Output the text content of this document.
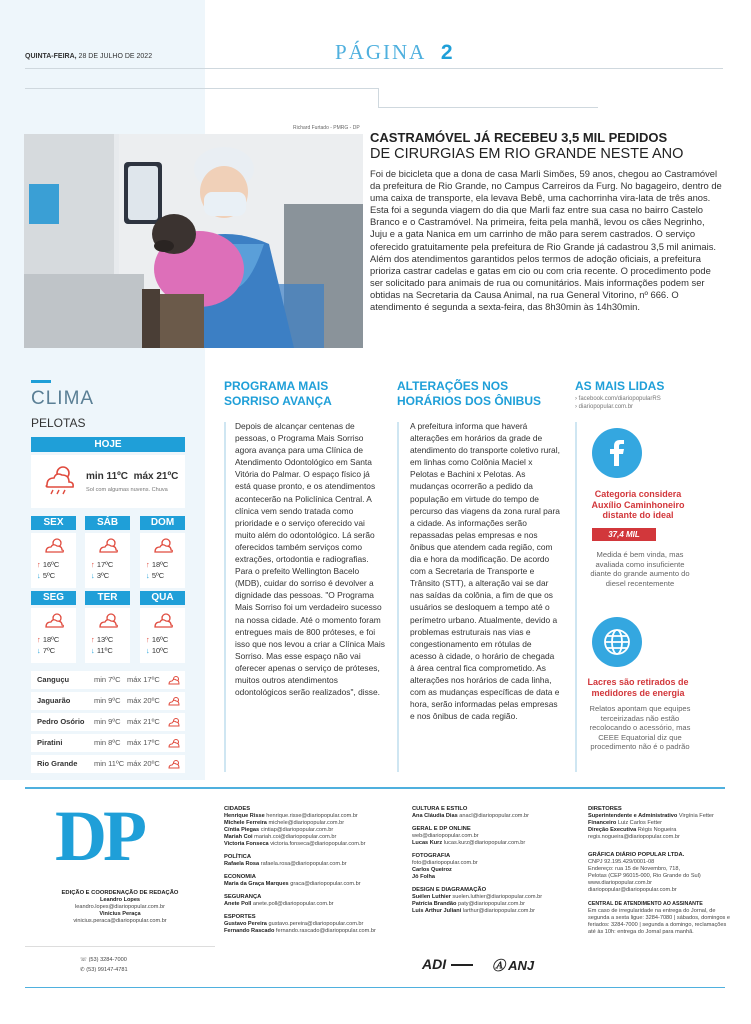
QUINTA-FEIRA, 28 DE JULHO DE 2022	PÁGINA 2
Richard Furtado - PMRG - DP
CASTRAMÓVEL JÁ RECEBEU 3,5 MIL PEDIDOS
DE CIRURGIAS EM RIO GRANDE NESTE ANO
Foi de bicicleta que a dona de casa Marli Simões, 59 anos, chegou ao Castramóvel da prefeitura de Rio Grande, no Campus Carreiros da Furg. No bagageiro, dentro de uma caixa de transporte, ela levava Bebê, uma cachorrinha vira-lata de três anos. Esta foi a segunda viagem do dia que Marli faz entre sua casa no bairro Castelo Branco e o Castramóvel. Na primeira, feita pela manhã, levou os cães Negrinho, Juju e a gata Nanica em um carrinho de mão para serem castrados. O serviço oferecido gratuitamente pela prefeitura de Rio Grande já cadastrou 3,5 mil animais. Além dos atendimentos garantidos pelos termos de adoção oficiais, a prefeitura prioriza castrar cadelas e gatas em cio ou com cria recente. O procedimento pode ser solicitado para animais de rua ou comunitários. Mais informações podem ser obtidas na Secretaria da Causa Animal, na rua General Vitorino, nº 666. O atendimento é segunda a sexta-feira, das 8h30min às 14h30min.
CLIMA
PELOTAS
HOJE
min 11ºC máx 21ºC
Sol com algumas nuvens. Chuva
SEX
↑ 16ºC
↓ 5ºC
SÁB
↑ 17ºC
↓ 3ºC
DOM
↑ 18ºC
↓ 5ºC
SEG
↑ 18ºC
↓ 7ºC
TER
↑ 13ºC
↓ 11ºC
QUA
↑ 16ºC
↓ 10ºC
Canguçu	min 7ºC máx 17ºC
Jaguarão	min 9ºC máx 20ºC
Pedro Osório min 9ºC máx 21ºC
Piratini	min 8ºC máx 17ºC
Rio Grande min 11ºC máx 20ºC
PROGRAMA MAIS SORRISO AVANÇA
Depois de alcançar centenas de pessoas, o Programa Mais Sorriso agora avança para uma Clínica de Atendimento Odontológico em Santa Vitória do Palmar. O espaço físico já está quase pronto, e os atendimentos acontecerão na Policlínica Central. A clínica vem sendo tratada como prioridade e o serviço oferecido vai muito além do odontológico. Lá serão oferecidos também serviços como extrações, ortodontia e radiografias. Para o prefeito Wellington Bacelo (MDB), cuidar do sorriso é devolver a dignidade das pessoas. "O Programa Mais Sorriso foi um verdadeiro sucesso na nossa cidade. Até o momento foram entregues mais de 800 próteses, e foi isso que nos levou a criar a Clínica Mais Sorriso. Mas esse espaço não vai oferecer apenas o serviço de próteses, muitos outros atendimentos odontológicos serão realizados", disse.
ALTERAÇÕES NOS HORÁRIOS DOS ÔNIBUS
A prefeitura informa que haverá alterações em horários da grade de atendimento do transporte coletivo rural, em linhas como Colônia Maciel x Pelotas e Bachini x Pelotas. As mudanças ocorrerão a pedido da população em virtude do tempo de percurso das viagens da zona rural para a cidade. As informações serão repassadas pelas empresas e nos ônibus que atendem cada região, com dia e hora da modificação. De acordo com a Secretaria de Transporte e Trânsito (STT), a alteração vai se dar nas saídas da colônia, a fim de que os usuários se desloquem a tempo até o perímetro urbano. Atualmente, devido a problemas estruturais nas vias e congestionamento em rótulas de acesso à cidade, o horário de chegada à área central fica comprometido. As alterações nos horários de cada linha, com as mudanças específicas de data e hora, serão informadas pelas empresas e nos ônibus de cada região.
AS MAIS LIDAS
› facebook.com/diariopopularRS
› diariopopular.com.br
Categoria considera Auxílio Caminhoneiro distante do ideal
37,4 MIL
Medida é bem vinda, mas avaliada como insuficiente diante do grande aumento do diesel recentemente
Lacres são retirados de medidores de energia
Relatos apontam que equipes terceirizadas não estão recolocando o acessório, mas CEEE Equatorial diz que procedimento não é o padrão
DP
EDIÇÃO E COORDENAÇÃO DE REDAÇÃO
Leandro Lopes
leandro.lopes@diariopopular.com.br
Vinicius Peraça
vinicius.peraca@diariopopular.com.br
☏ (53) 3284-7000
✆ (53) 99147-4781
CIDADES
Henrique Risse henrique.risse@diariopopular.com.br
Michele Ferreira michele@diariopopular.com.br
Cíntia Piegas cintiap@diariopopular.com.br
Mariah Coi mariah.coi@diariopopular.com.br
Victoria Fonseca victoria.fonseca@diariopopular.com.br
POLÍTICA
Rafaela Rosa rafaela.rosa@diariopopular.com.br
ECONOMIA
Maria da Graça Marques graca@diariopopular.com.br
SEGURANÇA
Anete Poll anete.poll@diariopopular.com.br
ESPORTES
Gustavo Pereira gustavo.pereira@diariopopular.com.br
Fernando Rascado fernando.rascado@diariopopular.com.br
CULTURA E ESTILO
Ana Cláudia Dias anacl@diariopopular.com.br
GERAL E DP ONLINE
web@diariopopular.com.br
Lucas Kurz lucas.kurz@diariopopular.com.br
FOTOGRAFIA
foto@diariopopular.com.br
Carlos Queiroz
Jô Folha
DESIGN E DIAGRAMAÇÃO
Suélen Luthier suelen.luthier@diariopopular.com.br
Patrícia Brandão paty@diariopopular.com.br
Luis Arthur Juliani larthur@diariopopular.com.br
ADI	Ⓐ ANJ
DIRETORES
Superintendente e Administrativo Virgínia Fetter
Financeiro Luiz Carlos Fetter
Direção Executiva Régis Nogueira
regis.nogueira@diariopopular.com.br
GRÁFICA DIÁRIO POPULAR LTDA.
CNPJ 92.195.429/0001-08
Endereço: rua 15 de Novembro, 718,
Pelotas (CEP 96015-000, Rio Grande do Sul)
www.diariopopular.com.br
diariopopular@diariopopular.com.br
CENTRAL DE ATENDIMENTO AO ASSINANTE
Em caso de irregularidade na entrega do Jornal, de segunda a sexta ligue: 3284-7080 | sábados, domingos e feriados: 3284-7000 | segunda a domingo, reclamações até às 10h: entrega do Jornal para manhã.
